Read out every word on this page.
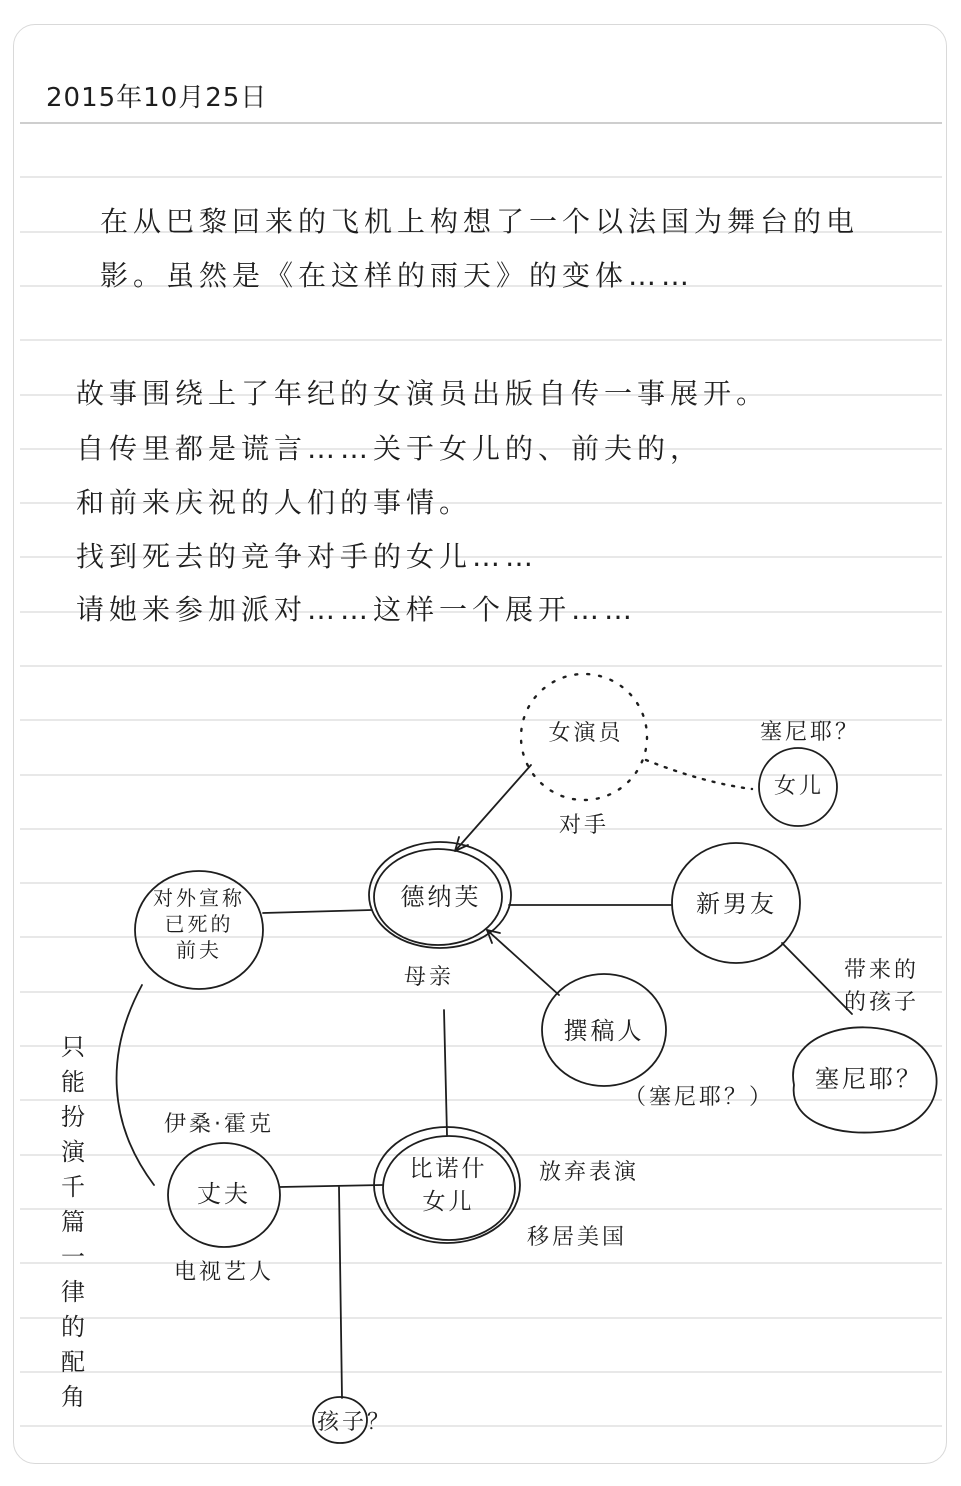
2015年10月25日
在从巴黎回来的飞机上构想了一个以法国为舞台的电
影。虽然是《在这样的雨天》的变体……
故事围绕上了年纪的女演员出版自传一事展开。
自传里都是谎言……关于女儿的、前夫的，
和前来庆祝的人们的事情。
找到死去的竞争对手的女儿……
请她来参加派对……这样一个展开……
女演员
对手
塞尼耶？
女儿
对外宣称
已死的
前夫
德纳芙
母亲
新男友
带来的
的孩子
塞尼耶？
撰稿人
（塞尼耶？）
只能扮演千篇一律的配角
伊桑·霍克
丈夫
电视艺人
比诺什
女儿
放弃表演
移居美国
孩子？
